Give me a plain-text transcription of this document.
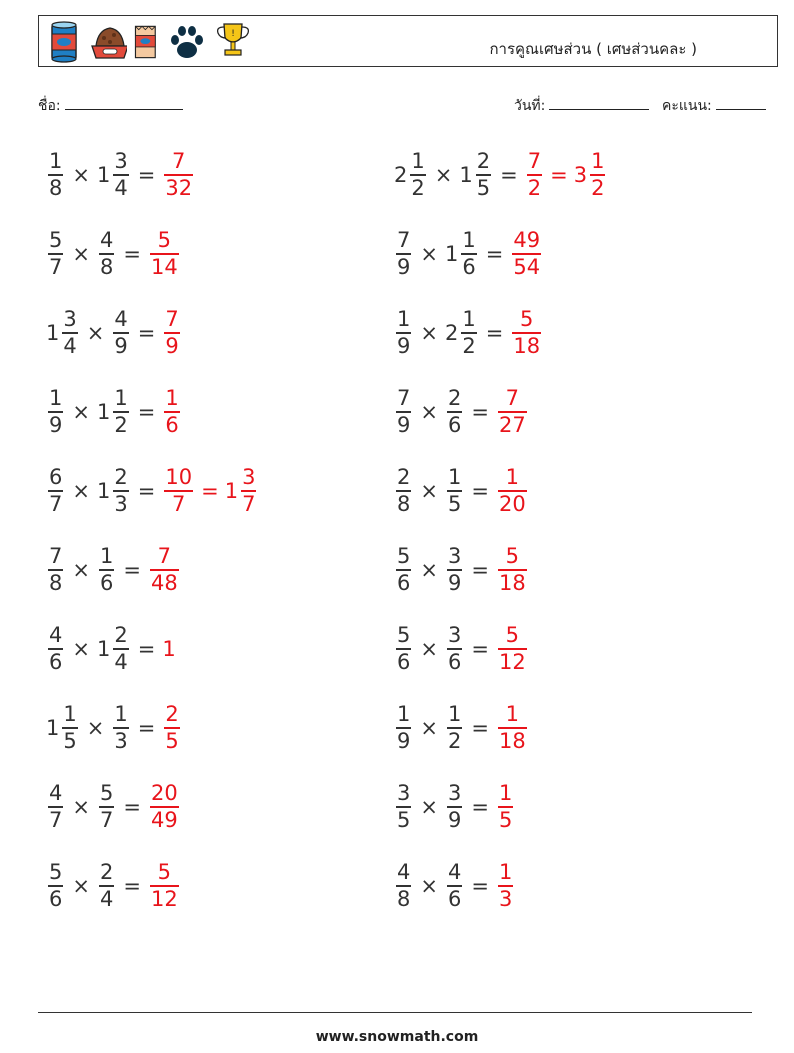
!
การคูณเศษส่วน ( เศษส่วนคละ )
ชื่อ:	วันที่:	คะแนน:
$\frac{1}{8} \times 1 \frac{3}{4} = \frac{7}{32}$	$2 \frac{1}{2} \times 1 \frac{2}{5} = \frac{7}{2} = 3 \frac{1}{2}$
$\frac{5}{7} \times \frac{4}{8} = \frac{5}{14}$	$\frac{7}{9} \times 1 \frac{1}{6} = \frac{49}{54}$
$1 \frac{3}{4} \times \frac{4}{9} = \frac{7}{9}$	$\frac{1}{9} \times 2 \frac{1}{2} = \frac{5}{18}$
$\frac{1}{9} \times 1 \frac{1}{2} = \frac{1}{6}$	$\frac{7}{9} \times \frac{2}{6} = \frac{7}{27}$
$\frac{6}{7} \times 1 \frac{2}{3} = \frac{10}{7} = 1 \frac{3}{7}$	$\frac{2}{8} \times \frac{1}{5} = \frac{1}{20}$
$\frac{7}{8} \times \frac{1}{6} = \frac{7}{48}$	$\frac{5}{6} \times \frac{3}{9} = \frac{5}{18}$
$\frac{4}{6} \times 1 \frac{2}{4} = 1$	$\frac{5}{6} \times \frac{3}{6} = \frac{5}{12}$
$1 \frac{1}{5} \times \frac{1}{3} = \frac{2}{5}$	$\frac{1}{9} \times \frac{1}{2} = \frac{1}{18}$
$\frac{4}{7} \times \frac{5}{7} = \frac{20}{49}$	$\frac{3}{5} \times \frac{3}{9} = \frac{1}{5}$
$\frac{5}{6} \times \frac{2}{4} = \frac{5}{12}$	$\frac{4}{8} \times \frac{4}{6} = \frac{1}{3}$
www.snowmath.com
